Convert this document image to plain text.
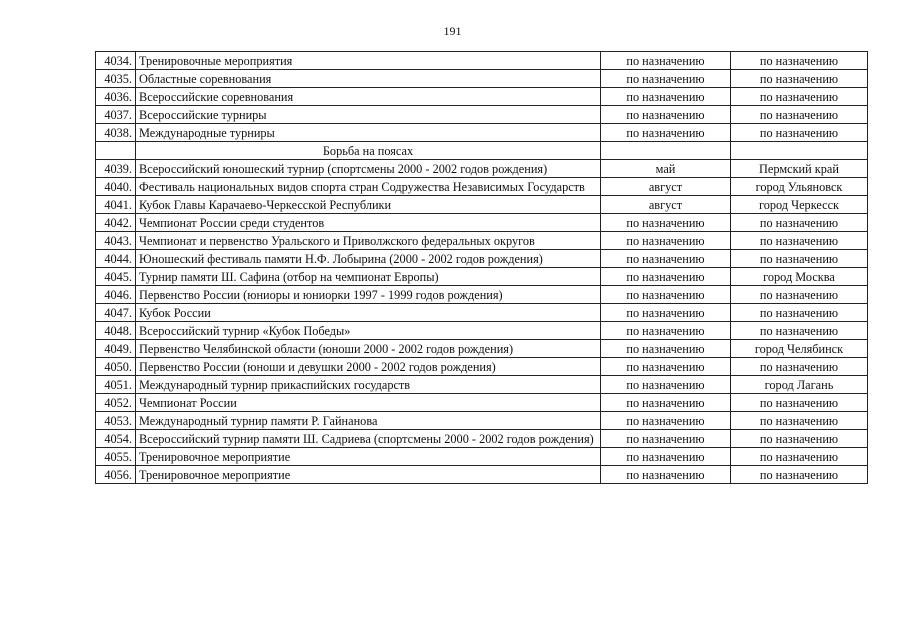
191
4034.	Тренировочные мероприятия	по назначению	по назначению
4035.	Областные соревнования	по назначению	по назначению
4036.	Всероссийские соревнования	по назначению	по назначению
4037.	Всероссийские турниры	по назначению	по назначению
4038.	Международные турниры	по назначению	по назначению
	Борьба на поясах		
4039.	Всероссийский юношеский турнир (спортсмены 2000 - 2002 годов рождения)	май	Пермский край
4040.	Фестиваль национальных видов спорта стран Содружества Независимых Государств	август	город Ульяновск
4041.	Кубок Главы Карачаево-Черкесской Республики	август	город Черкесск
4042.	Чемпионат России среди студентов	по назначению	по назначению
4043.	Чемпионат и первенство Уральского и Приволжского федеральных округов	по назначению	по назначению
4044.	Юношеский фестиваль памяти Н.Ф. Лобырина (2000 - 2002 годов рождения)	по назначению	по назначению
4045.	Турнир памяти Ш. Сафина (отбор на чемпионат Европы)	по назначению	город Москва
4046.	Первенство России (юниоры и юниорки 1997 - 1999 годов рождения)	по назначению	по назначению
4047.	Кубок России	по назначению	по назначению
4048.	Всероссийский турнир «Кубок Победы»	по назначению	по назначению
4049.	Первенство Челябинской области (юноши 2000 - 2002 годов рождения)	по назначению	город Челябинск
4050.	Первенство России (юноши и девушки 2000 - 2002 годов рождения)	по назначению	по назначению
4051.	Международный турнир прикаспийских государств	по назначению	город Лагань
4052.	Чемпионат России	по назначению	по назначению
4053.	Международный турнир памяти Р. Гайнанова	по назначению	по назначению
4054.	Всероссийский турнир памяти Ш. Садриева (спортсмены 2000 - 2002 годов рождения)	по назначению	по назначению
4055.	Тренировочное мероприятие	по назначению	по назначению
4056.	Тренировочное мероприятие	по назначению	по назначению
